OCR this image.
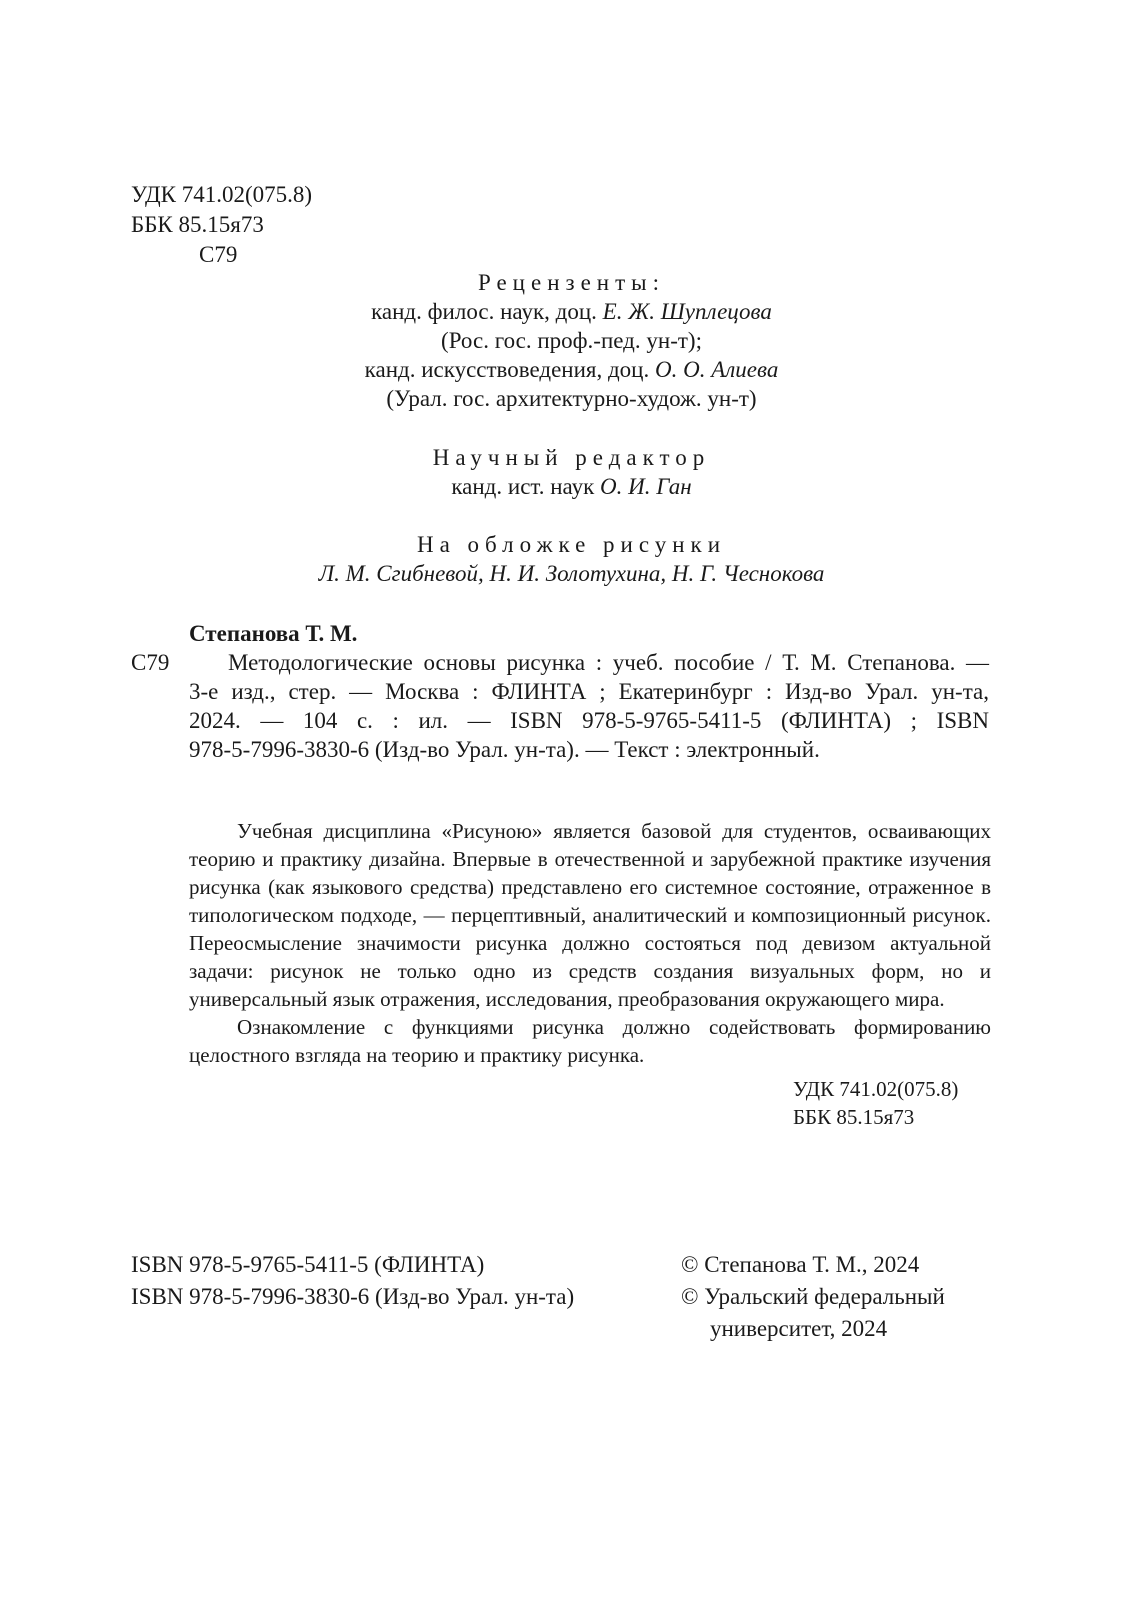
УДК 741.02(075.8)
ББК 85.15я73
С79
Рецензенты:
канд. филос. наук, доц. Е. Ж. Шуплецова
(Рос. гос. проф.-пед. ун-т);
канд. искусствоведения, доц. О. О. Алиева
(Урал. гос. архитектурно-худож. ун-т)
Научный редактор
канд. ист. наук О. И. Ган
На обложке рисунки
Л. М. Сгибневой, Н. И. Золотухина, Н. Г. Чеснокова
Степанова Т. М.
С79	Методологические основы рисунка : учеб. пособие / Т. М. Степанова. —
3-е изд., стер. — Москва : ФЛИНТА ; Екатеринбург : Изд-во Урал. ун-та,
2024. — 104 с. : ил. — ISBN 978-5-9765-5411-5 (ФЛИНТА) ; ISBN
978-5-7996-3830-6 (Изд-во Урал. ун-та). — Текст : электронный.

Учебная дисциплина «Рисуною» является базовой для студентов, осваивающих теорию и практику дизайна. Впервые в отечественной и зарубежной практике изучения рисунка (как языкового средства) представлено его системное состояние, отраженное в типологическом подходе, — перцептивный, аналитический и композиционный рисунок. Переосмысление значимости рисунка должно состояться под девизом актуальной задачи: рисунок не только одно из средств создания визуальных форм, но и универсальный язык отражения, исследования, преобразования окружающего мира.

Ознакомление с функциями рисунка должно содействовать формированию целостного взгляда на теорию и практику рисунка.

УДК 741.02(075.8)
ББК 85.15я73
ISBN 978-5-9765-5411-5 (ФЛИНТА)
ISBN 978-5-7996-3830-6 (Изд-во Урал. ун-та)
© Степанова Т. М., 2024
© Уральский федеральный
университет, 2024
